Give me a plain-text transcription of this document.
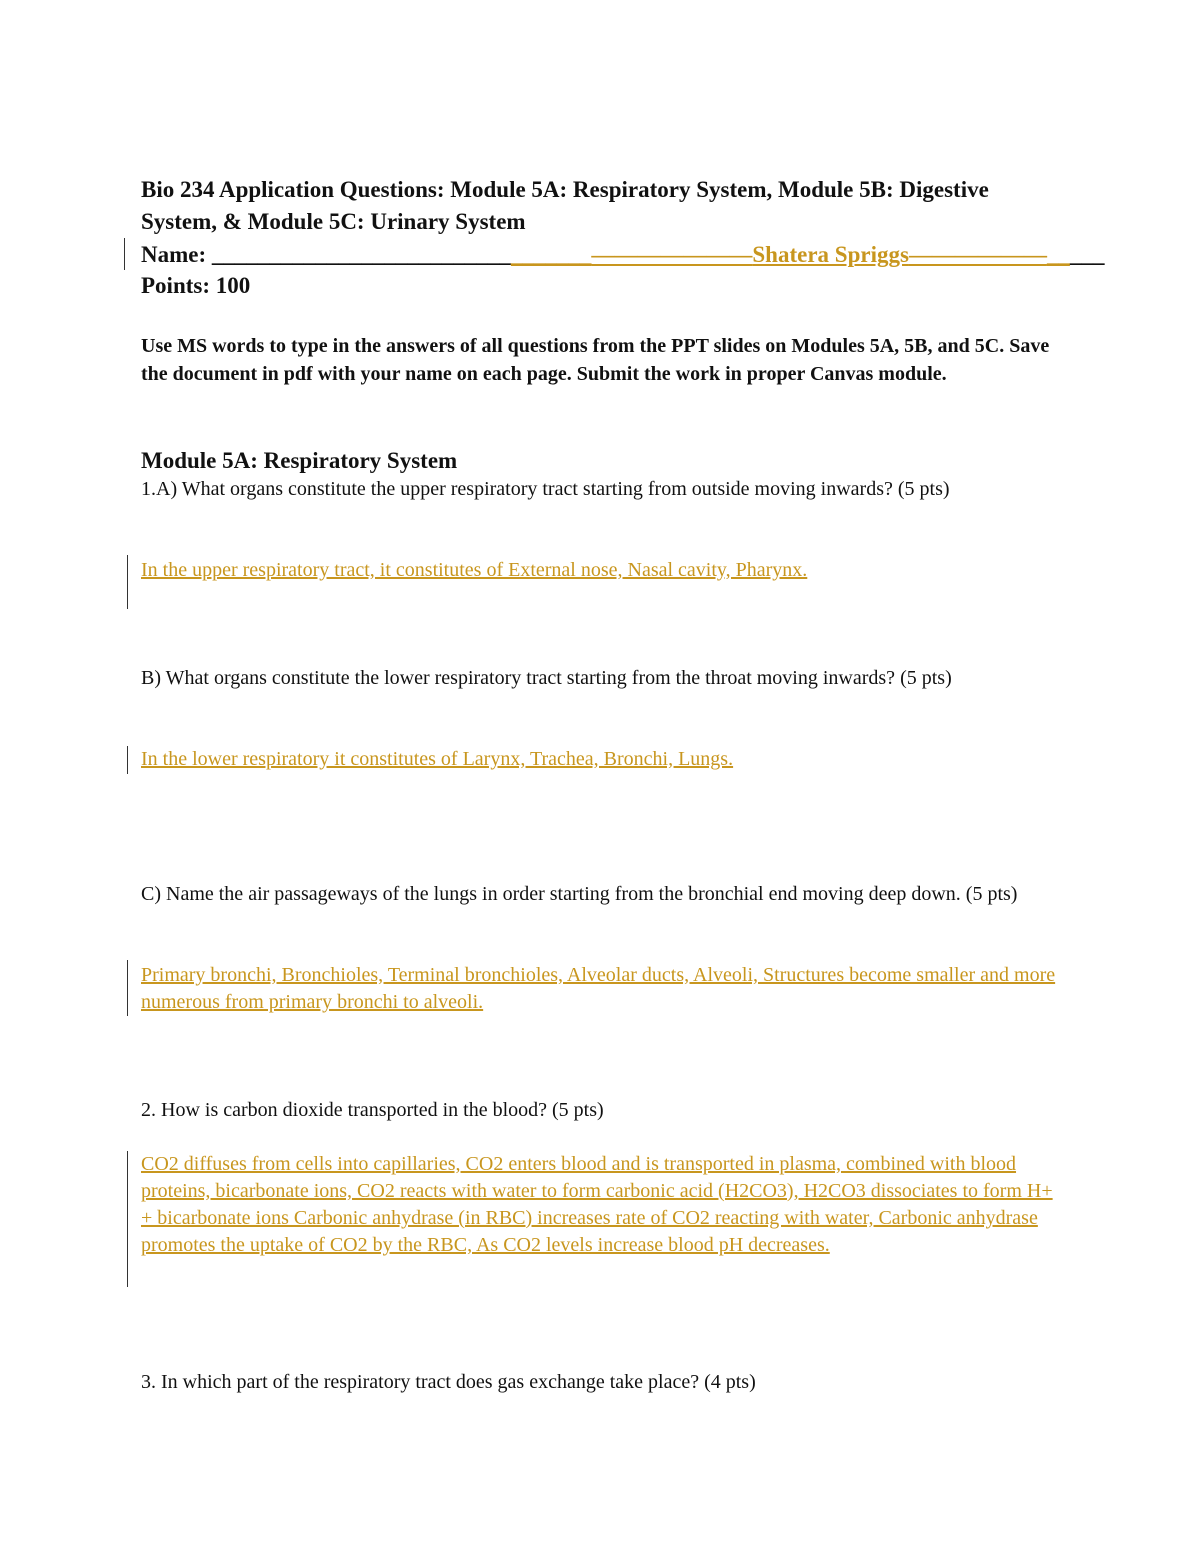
Bio 234 Application Questions: Module 5A: Respiratory System, Module 5B: Digestive System, & Module 5C: Urinary System
Name: _________________________________———————Shatera Spriggs——————_____
Points: 100
Use MS words to type in the answers of all questions from the PPT slides on Modules 5A, 5B, and 5C. Save the document in pdf with your name on each page. Submit the work in proper Canvas module.
Module 5A: Respiratory System
1.A) What organs constitute the upper respiratory tract starting from outside moving inwards? (5 pts)
In the upper respiratory tract, it constitutes of External nose, Nasal cavity, Pharynx.
B) What organs constitute the lower respiratory tract starting from the throat moving inwards? (5 pts)
In the lower respiratory it constitutes of Larynx, Trachea, Bronchi, Lungs.
C) Name the air passageways of the lungs in order starting from the bronchial end moving deep down. (5 pts)
Primary bronchi, Bronchioles, Terminal bronchioles, Alveolar ducts, Alveoli, Structures become smaller and more numerous from primary bronchi to alveoli.
2. How is carbon dioxide transported in the blood? (5 pts)
CO2 diffuses from cells into capillaries, CO2 enters blood and is transported in plasma, combined with blood proteins, bicarbonate ions, CO2 reacts with water to form carbonic acid (H2CO3), H2CO3 dissociates to form H+ + bicarbonate ions Carbonic anhydrase (in RBC) increases rate of CO2 reacting with water, Carbonic anhydrase promotes the uptake of CO2 by the RBC, As CO2 levels increase blood pH decreases.
3. In which part of the respiratory tract does gas exchange take place? (4 pts)
